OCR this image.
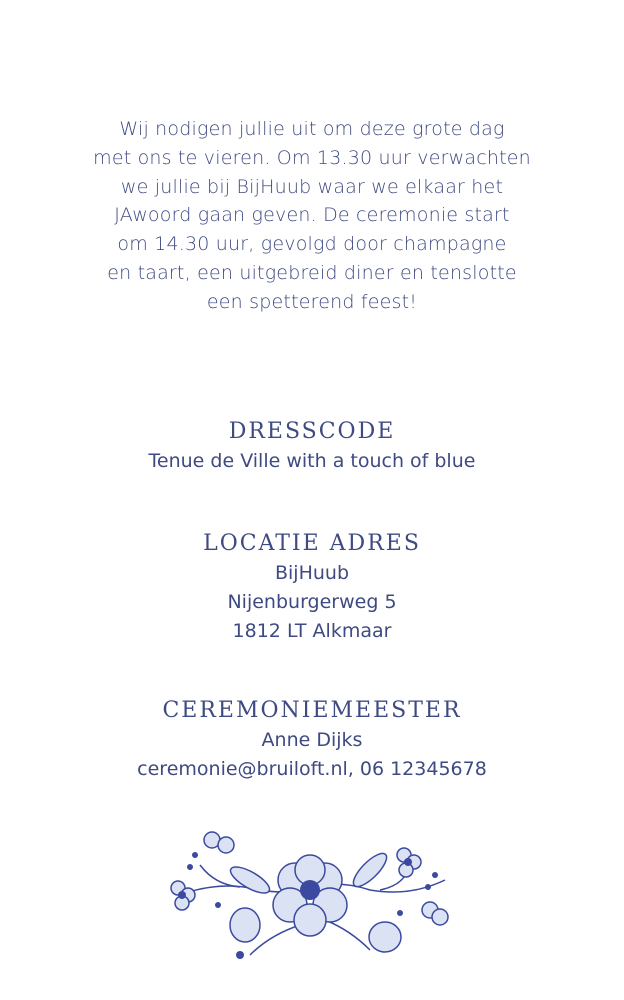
Wij nodigen jullie uit om deze grote dag
met ons te vieren. Om 13.30 uur verwachten
we jullie bij BijHuub waar we elkaar het
JAwoord gaan geven. De ceremonie start
om 14.30 uur, gevolgd door champagne
en taart, een uitgebreid diner en tenslotte
een spetterend feest!
DRESSCODE
Tenue de Ville with a touch of blue
LOCATIE ADRES
BijHuub
Nijenburgerweg 5
1812 LT Alkmaar
CEREMONIEMEESTER
Anne Dijks
ceremonie@bruiloft.nl, 06 12345678
